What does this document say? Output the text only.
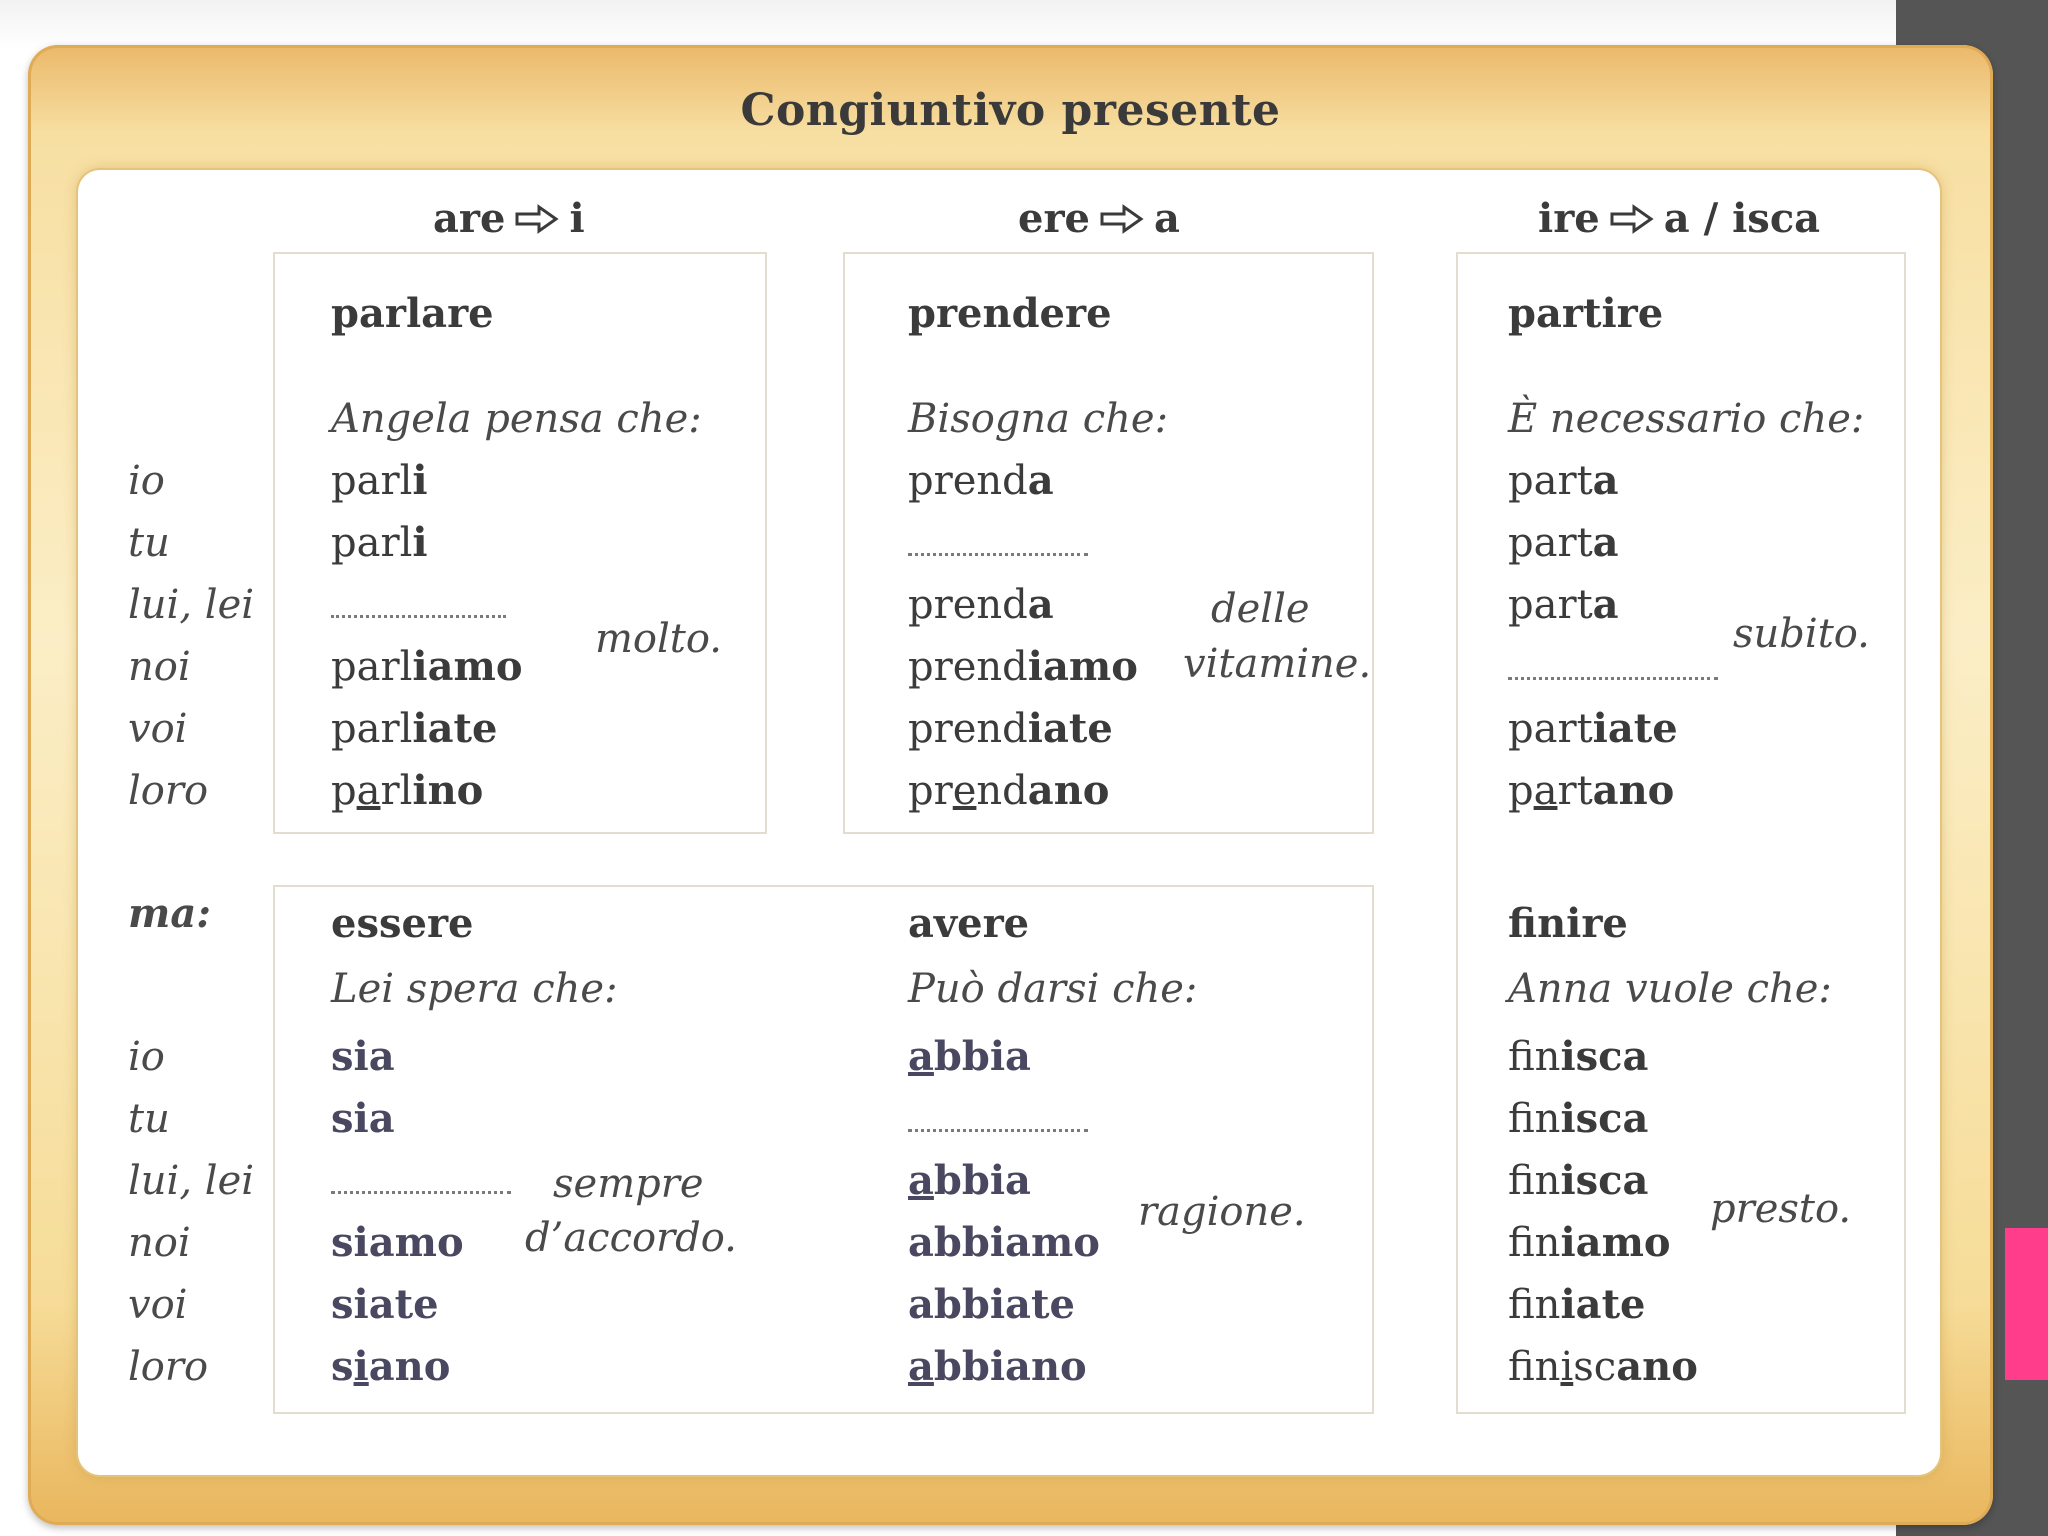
Congiuntivo presente
are i	ere a	ire a / isca
io
tu
lui, lei
noi
voi
loro
ma:
io
tu
lui, lei
noi
voi
loro
parlare
Angela pensa che:
molto.
prendere
Bisogna che:
delle
vitamine.
partire
È necessario che:
subito.
essere
Lei spera che:
sempre
d’accordo.
avere
Può darsi che:
ragione.
finire
Anna vuole che:
presto.
parli
parli
parliamo
parliate
parlino
prenda
prenda
prendiamo
prendiate
prendano
parta
parta
parta
partiate
partano
sia
sia
siamo
siate
siano
abbia
abbia
abbiamo
abbiate
abbiano
finisca
finisca
finisca
finiamo
finiate
finiscano
